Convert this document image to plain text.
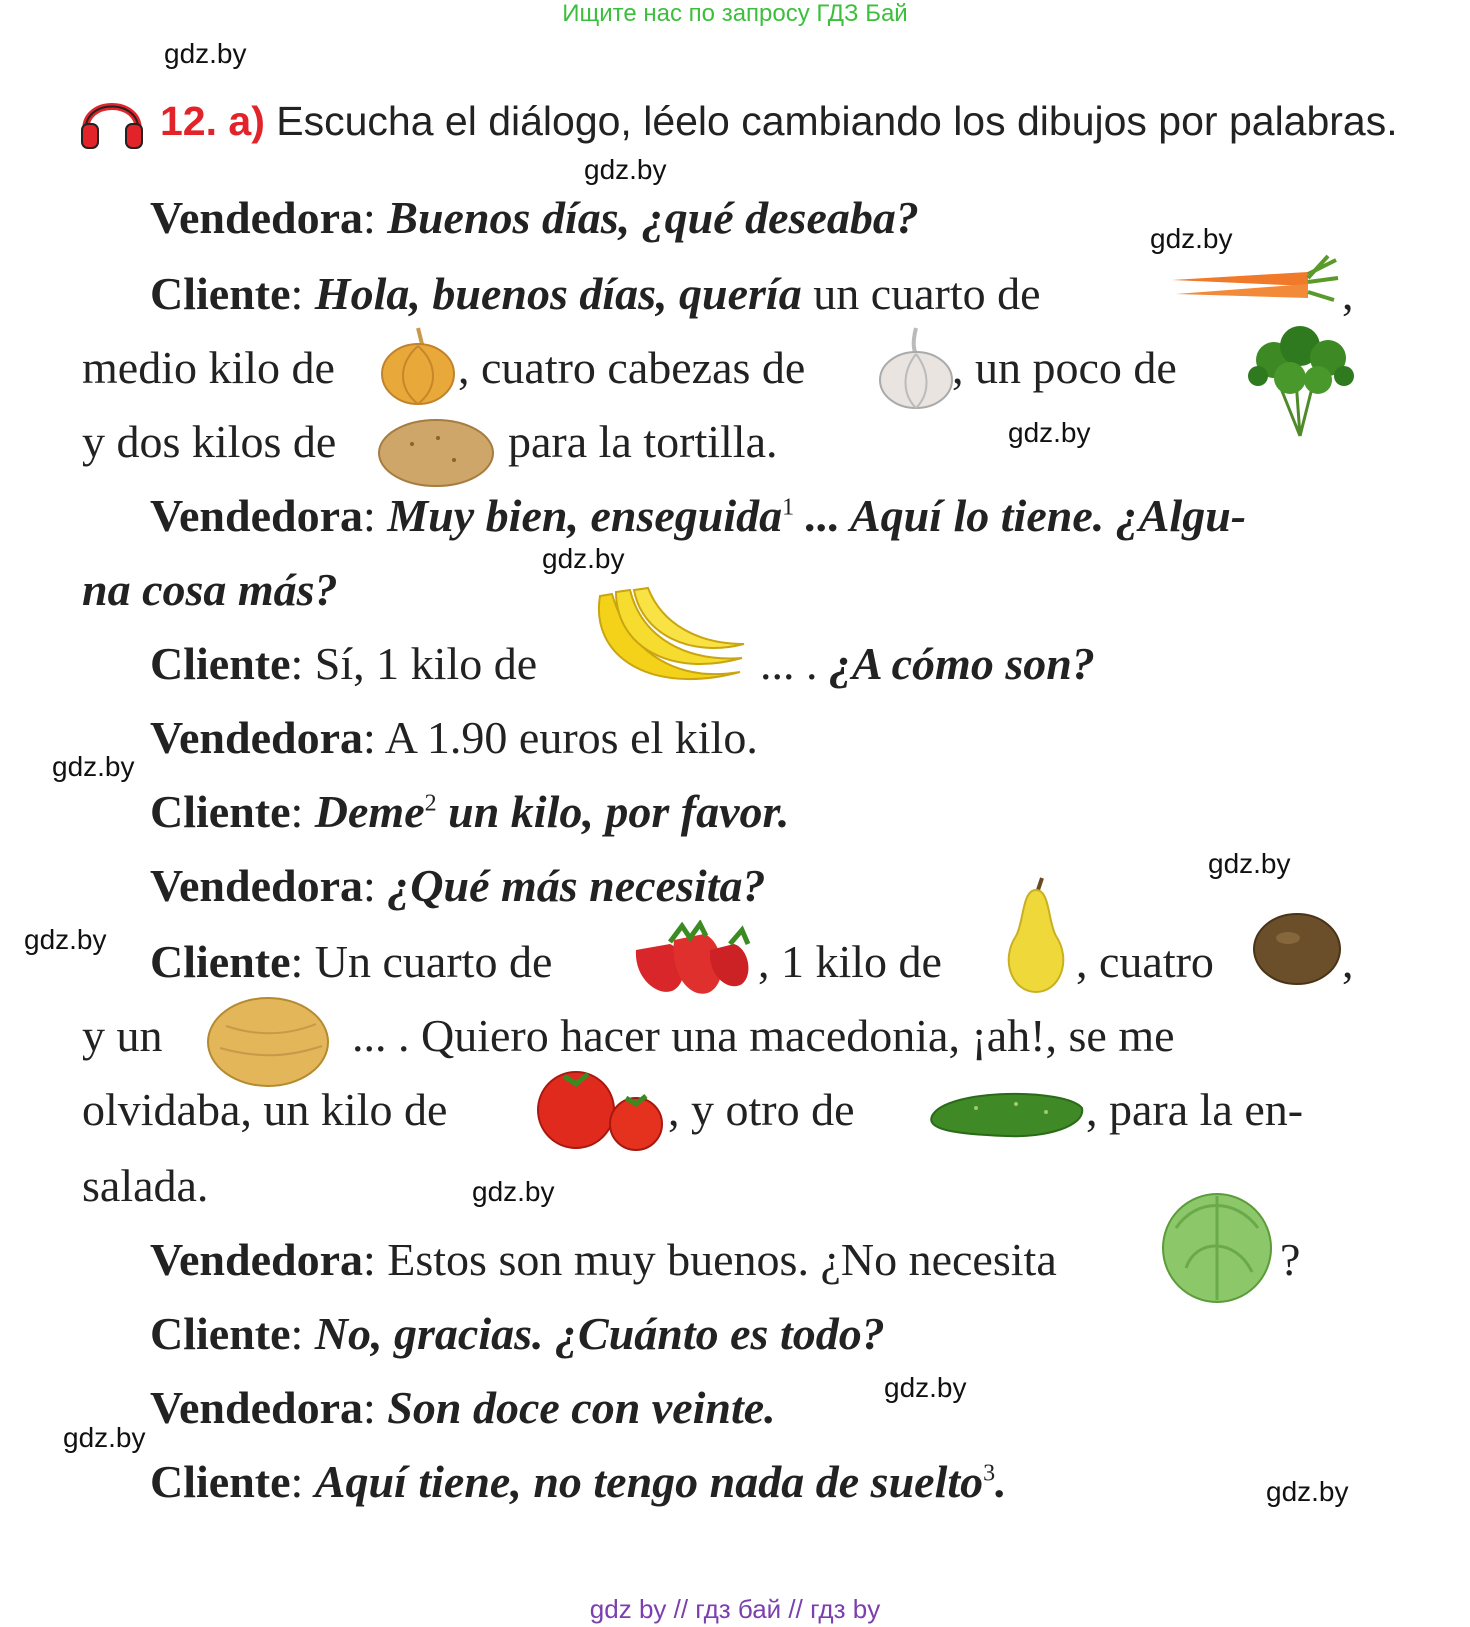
Ищите нас по запросу ГДЗ Бай
gdz.by
gdz.by
gdz.by
gdz.by
gdz.by
gdz.by
gdz.by
gdz.by
gdz.by
gdz.by
gdz.by
gdz.by
12. a) Escucha el diálogo, léelo cambiando los dibujos por palabras.
Vendedora: Buenos días, ¿qué deseaba?
Cliente: Hola, buenos días, quería un cuarto de	,
medio kilo de	, cuatro cabezas de	, un poco de
y dos kilos de	para la tortilla.
Vendedora: Muy bien, enseguida$^1$ ... Aquí lo tiene. ¿Algu-
na cosa más?
Cliente: Sí, 1 kilo de	... . ¿A cómo son?
Vendedora: A 1.90 euros el kilo.
Cliente: Deme$^2$ un kilo, por favor.
Vendedora: ¿Qué más necesita?
Cliente: Un cuarto de	, 1 kilo de	, cuatro	,
y un	... . Quiero hacer una macedonia, ¡ah!, se me
olvidaba, un kilo de	, y otro de	, para la en-
salada.
Vendedora: Estos son muy buenos. ¿No necesita	?
Cliente: No, gracias. ¿Cuánto es todo?
Vendedora: Son doce con veinte.
Cliente: Aquí tiene, no tengo nada de suelto$^3$.
gdz by // гдз бай // гдз by
